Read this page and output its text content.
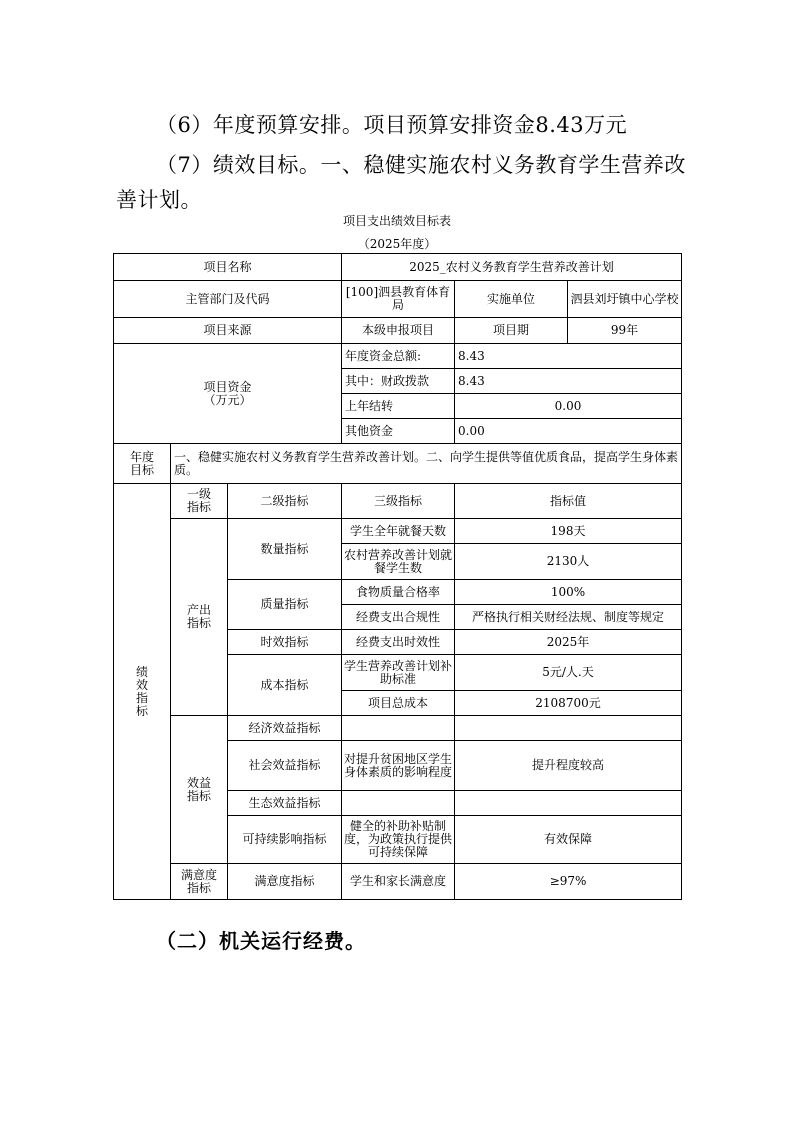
（6）年度预算安排。项目预算安排资金8.43万元

（7）绩效目标。一、稳健实施农村义务教育学生营养改

善计划。

项目支出绩效目标表
（2025年度）
项目名称			2025_农村义务教育学生营养改善计划		
主管部门及代码			[100]泗县教育体育局	实施单位	泗县刘圩镇中心学校
项目来源			本级申报项目	项目期	99年
项目资金
（万元）			年度资金总额:	8.43	
			其中：财政拨款	8.43	
			上年结转	0.00	
			其他资金	0.00	
年度目标	一、稳健实施农村义务教育学生营养改善计划。二、向学生提供等值优质食品，提高学生身体素质。				
绩效指标	一级指标	二级指标	三级指标	指标值	
	产出指标	数量指标	学生全年就餐天数	198天	
			农村营养改善计划就餐学生数	2130人	
		质量指标	食物质量合格率	100%	
			经费支出合规性	严格执行相关财经法规、制度等规定	
		时效指标	经费支出时效性	2025年	
		成本指标	学生营养改善计划补助标准	5元/人.天	
			项目总成本	2108700元	
	效益指标	经济效益指标			
		社会效益指标	对提升贫困地区学生身体素质的影响程度	提升程度较高	
		生态效益指标			
		可持续影响指标	健全的补助补贴制度，为政策执行提供可持续保障	有效保障	
	满意度指标	满意度指标	学生和家长满意度	≥97%	
（二）机关运行经费。
